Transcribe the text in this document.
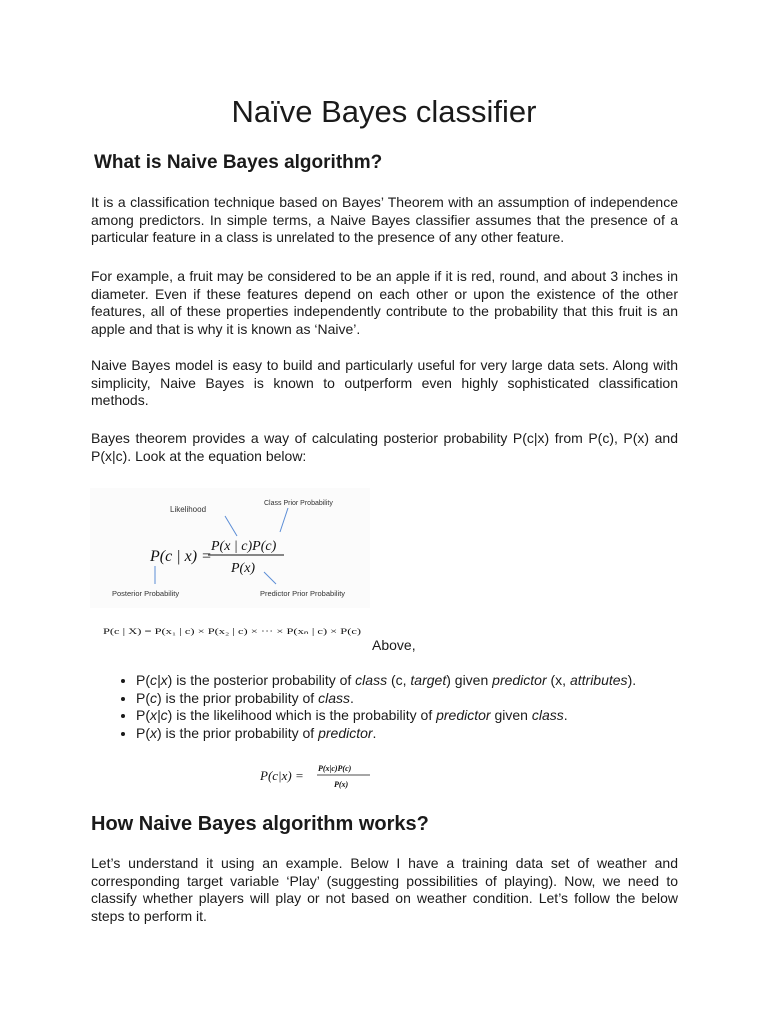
Naïve Bayes classifier
What is Naive Bayes algorithm?

It is a classification technique based on Bayes’ Theorem with an assumption of independence among predictors. In simple terms, a Naive Bayes classifier assumes that the presence of a particular feature in a class is unrelated to the presence of any other feature.

For example, a fruit may be considered to be an apple if it is red, round, and about 3 inches in diameter. Even if these features depend on each other or upon the existence of the other features, all of these properties independently contribute to the probability that this fruit is an apple and that is why it is known as ‘Naive’.

Naive Bayes model is easy to build and particularly useful for very large data sets. Along with simplicity, Naive Bayes is known to outperform even highly sophisticated classification methods.

Bayes theorem provides a way of calculating posterior probability P(c|x) from P(c), P(x) and P(x|c). Look at the equation below:

Likelihood
Class Prior Probability
Posterior Probability	Predictor Prior Probability
P(c | x) =
P(x | c)P(c)
P(x)
P(c | X) = P(x₁ | c) × P(x₂ | c) × ··· × P(xₙ | c) × P(c)
Above,
• P(c|x) is the posterior probability of class (c, target) given predictor (x, attributes).
• P(c) is the prior probability of class.
• P(x|c) is the likelihood which is the probability of predictor given class.
• P(x) is the prior probability of predictor.
P(c|x) = P(x|c)P(c)
P(x)
How Naive Bayes algorithm works?

Let’s understand it using an example. Below I have a training data set of weather and corresponding target variable ‘Play’ (suggesting possibilities of playing). Now, we need to classify whether players will play or not based on weather condition. Let’s follow the below steps to perform it.
